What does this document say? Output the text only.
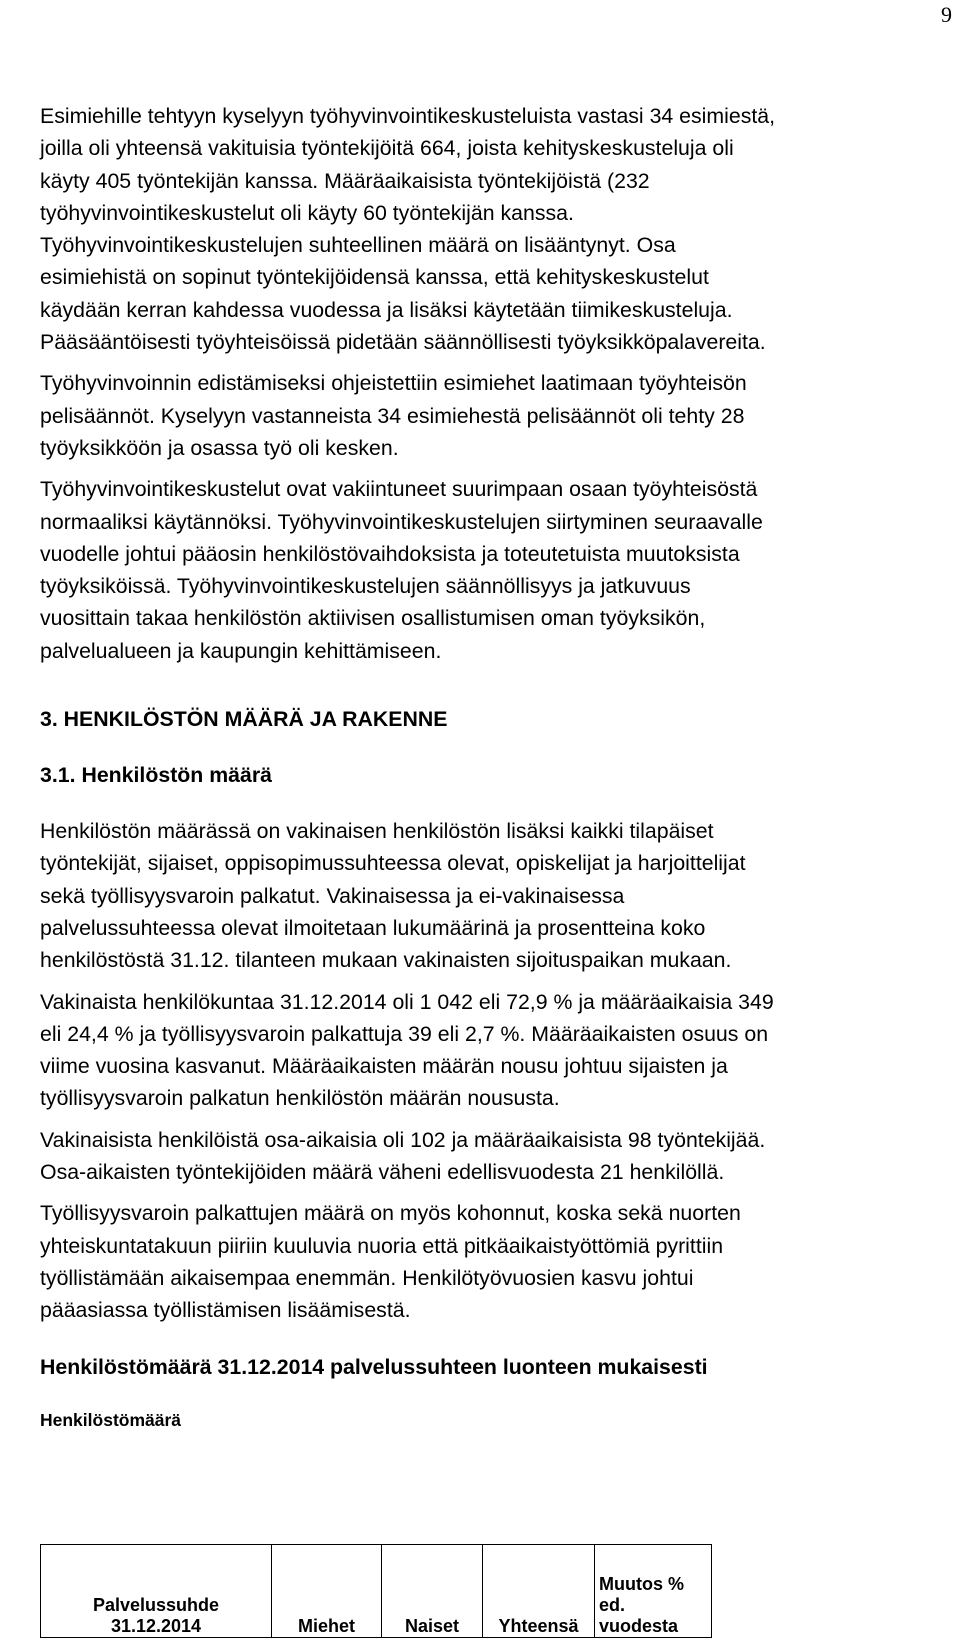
9

Esimiehille tehtyyn kyselyyn työhyvinvointikeskusteluista vastasi 34 esimiestä,
joilla oli yhteensä vakituisia työntekijöitä 664, joista kehityskeskusteluja oli
käyty 405 työntekijän kanssa. Määräaikaisista työntekijöistä (232
työhyvinvointikeskustelut oli käyty 60 työntekijän kanssa.
Työhyvinvointikeskustelujen suhteellinen määrä on lisääntynyt. Osa
esimiehistä on sopinut työntekijöidensä kanssa, että kehityskeskustelut
käydään kerran kahdessa vuodessa ja lisäksi käytetään tiimikeskusteluja.
Pääsääntöisesti työyhteisöissä pidetään säännöllisesti työyksikköpalavereita.

Työhyvinvoinnin edistämiseksi ohjeistettiin esimiehet laatimaan työyhteisön
pelisäännöt. Kyselyyn vastanneista 34 esimiehestä pelisäännöt oli tehty 28
työyksikköön ja osassa työ oli kesken.

Työhyvinvointikeskustelut ovat vakiintuneet suurimpaan osaan työyhteisöstä
normaaliksi käytännöksi. Työhyvinvointikeskustelujen siirtyminen seuraavalle
vuodelle johtui pääosin henkilöstövaihdoksista ja toteutetuista muutoksista
työyksiköissä. Työhyvinvointikeskustelujen säännöllisyys ja jatkuvuus
vuosittain takaa henkilöstön aktiivisen osallistumisen oman työyksikön,
palvelualueen ja kaupungin kehittämiseen.

3. HENKILÖSTÖN MÄÄRÄ JA RAKENNE

3.1. Henkilöstön määrä

Henkilöstön määrässä on vakinaisen henkilöstön lisäksi kaikki tilapäiset
työntekijät, sijaiset, oppisopimussuhteessa olevat, opiskelijat ja harjoittelijat
sekä työllisyysvaroin palkatut. Vakinaisessa ja ei-vakinaisessa
palvelussuhteessa olevat ilmoitetaan lukumäärinä ja prosentteina koko
henkilöstöstä 31.12. tilanteen mukaan vakinaisten sijoituspaikan mukaan.

Vakinaista henkilökuntaa 31.12.2014 oli 1 042 eli 72,9 % ja määräaikaisia 349
eli 24,4 % ja työllisyysvaroin palkattuja 39 eli 2,7 %. Määräaikaisten osuus on
viime vuosina kasvanut. Määräaikaisten määrän nousu johtuu sijaisten ja
työllisyysvaroin palkatun henkilöstön määrän noususta.

Vakinaisista henkilöistä osa-aikaisia oli 102 ja määräaikaisista 98 työntekijää.
Osa-aikaisten työntekijöiden määrä väheni edellisvuodesta 21 henkilöllä.

Työllisyysvaroin palkattujen määrä on myös kohonnut, koska sekä nuorten
yhteiskuntatakuun piiriin kuuluvia nuoria että pitkäaikaistyöttömiä pyrittiin
työllistämään aikaisempaa enemmän. Henkilötyövuosien kasvu johtui
pääasiassa työllistämisen lisäämisestä.

Henkilöstömäärä 31.12.2014 palvelussuhteen luonteen mukaisesti

Henkilöstömäärä

Palvelussuhde
31.12.2014	Miehet	Naiset	Yhteensä	Muutos %
ed.
vuodesta
